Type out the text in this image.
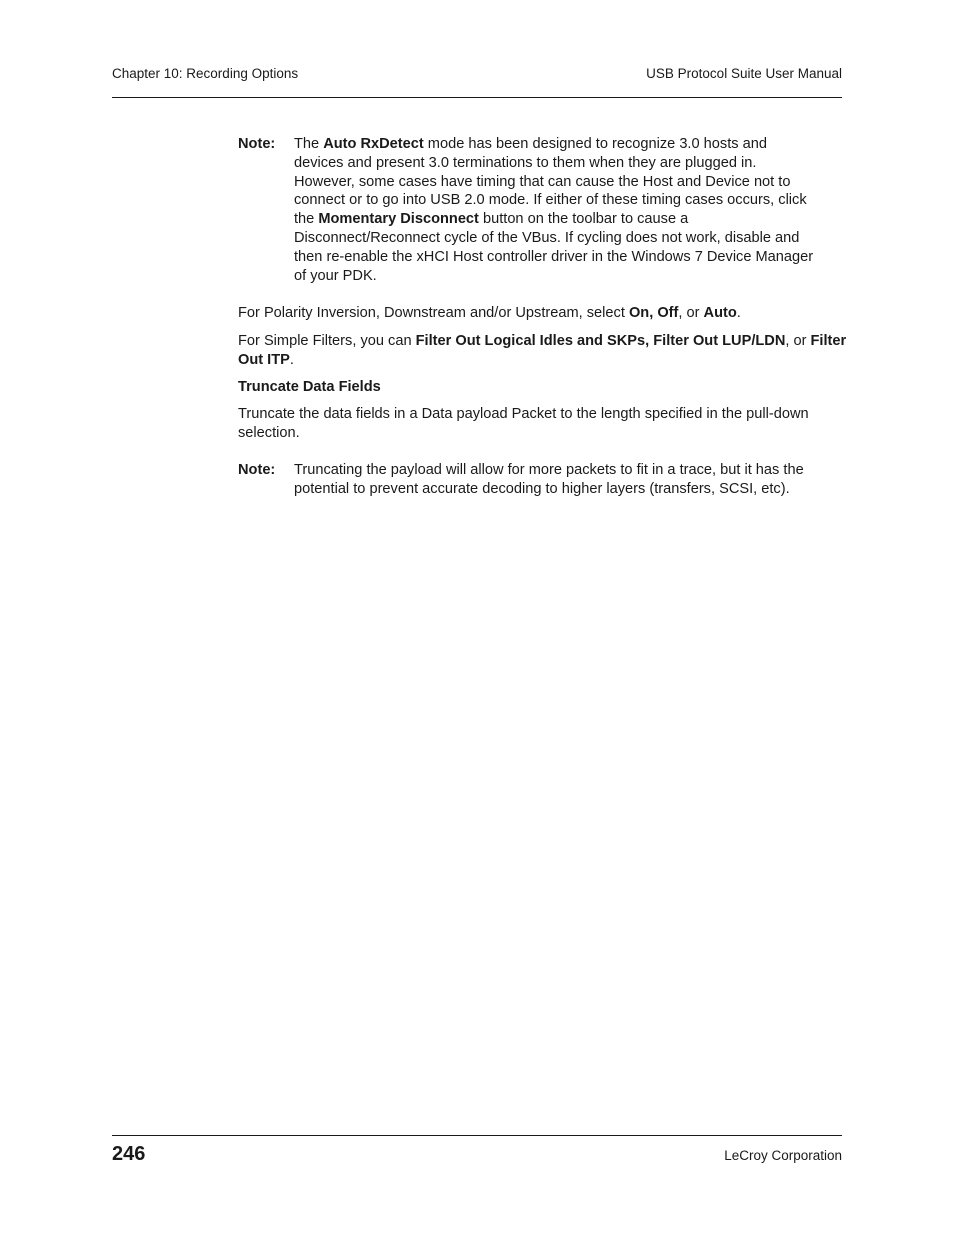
Chapter 10: Recording Options	USB Protocol Suite User Manual
Note: The Auto RxDetect mode has been designed to recognize 3.0 hosts and devices and present 3.0 terminations to them when they are plugged in. However, some cases have timing that can cause the Host and Device not to connect or to go into USB 2.0 mode. If either of these timing cases occurs, click the Momentary Disconnect button on the toolbar to cause a Disconnect/Reconnect cycle of the VBus. If cycling does not work, disable and then re-enable the xHCI Host controller driver in the Windows 7 Device Manager of your PDK.

For Polarity Inversion, Downstream and/or Upstream, select On, Off, or Auto.

For Simple Filters, you can Filter Out Logical Idles and SKPs, Filter Out LUP/LDN, or Filter Out ITP.

Truncate Data Fields

Truncate the data fields in a Data payload Packet to the length specified in the pull-down selection.

Note: Truncating the payload will allow for more packets to fit in a trace, but it has the potential to prevent accurate decoding to higher layers (transfers, SCSI, etc).

246	LeCroy Corporation
